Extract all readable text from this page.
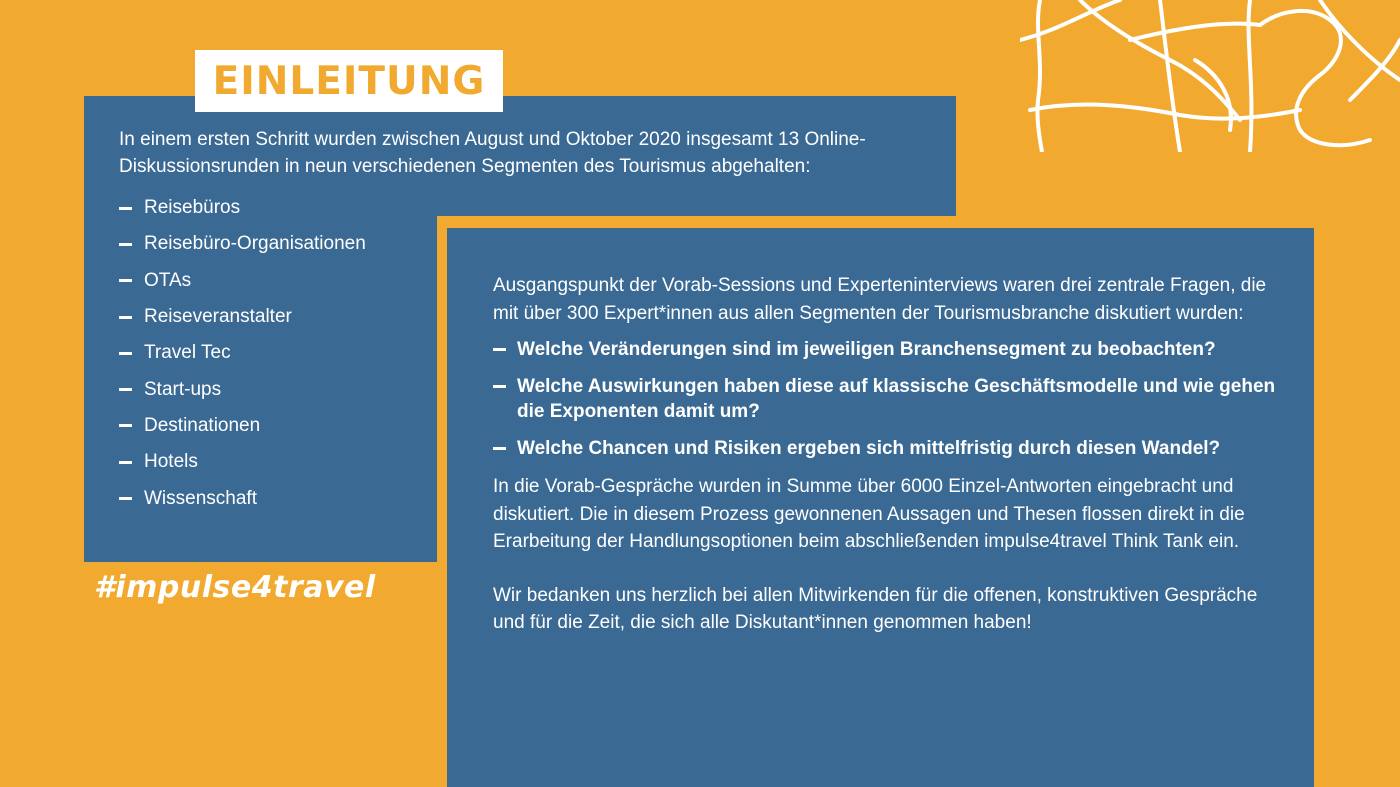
EINLEITUNG
In einem ersten Schritt wurden zwischen August und Oktober 2020 insgesamt 13 Online-Diskussionsrunden in neun verschiedenen Segmenten des Tourismus abgehalten:
Reisebüros
Reisebüro-Organisationen
OTAs
Reiseveranstalter
Travel Tec
Start-ups
Destinationen
Hotels
Wissenschaft
#impulse4travel

Ausgangspunkt der Vorab-Sessions und Experteninterviews waren drei zentrale Fragen, die mit über 300 Expert*innen aus allen Segmenten der Tourismusbranche diskutiert wurden:

Welche Veränderungen sind im jeweiligen Branchensegment zu beobachten?
Welche Auswirkungen haben diese auf klassische Geschäftsmodelle und wie gehen die Exponenten damit um?
Welche Chancen und Risiken ergeben sich mittelfristig durch diesen Wandel?

In die Vorab-Gespräche wurden in Summe über 6000 Einzel-Antworten eingebracht und diskutiert. Die in diesem Prozess gewonnenen Aussagen und Thesen flossen direkt in die Erarbeitung der Handlungsoptionen beim abschließenden impulse4travel Think Tank ein.

Wir bedanken uns herzlich bei allen Mitwirkenden für die offenen, konstruktiven Gespräche und für die Zeit, die sich alle Diskutant*innen genommen haben!
